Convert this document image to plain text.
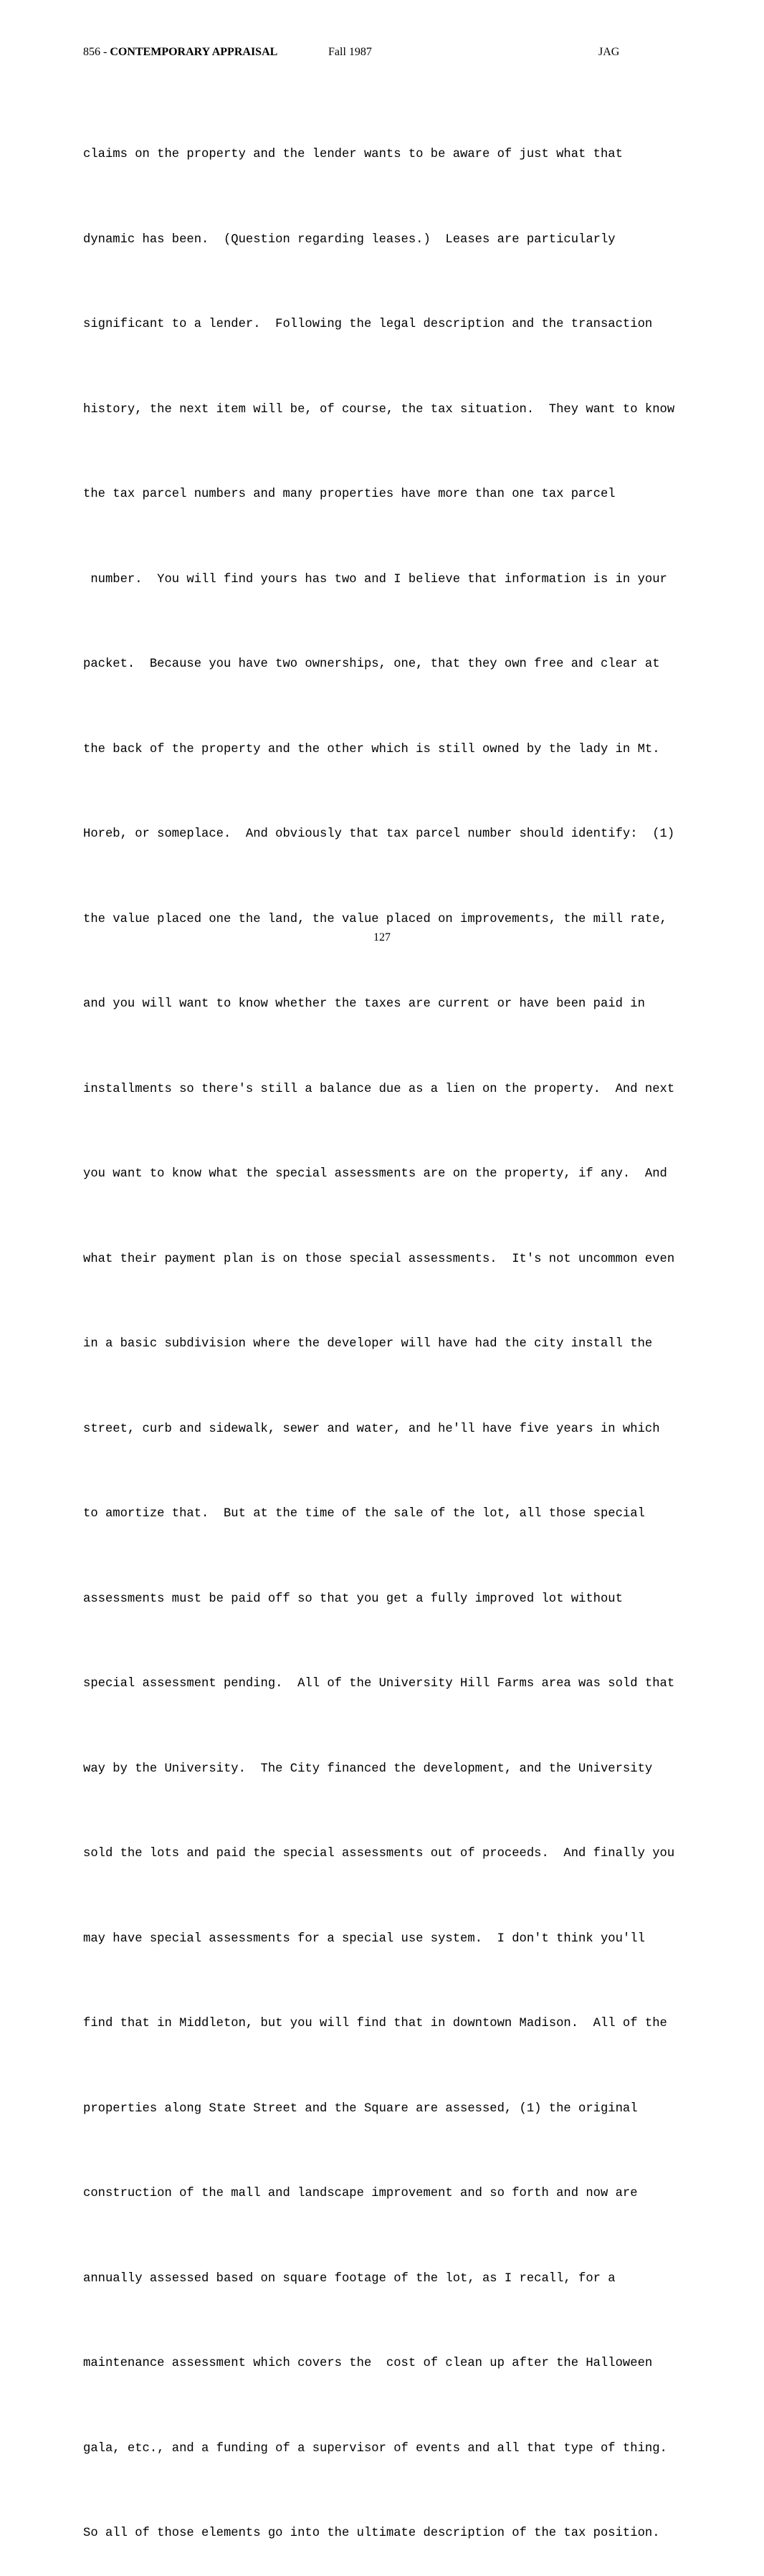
856 - CONTEMPORARY APPRAISAL	Fall 1987	JAG

claims on the property and the lender wants to be aware of just what that

dynamic has been.  (Question regarding leases.)  Leases are particularly

significant to a lender.  Following the legal description and the transaction

history, the next item will be, of course, the tax situation.  They want to know

the tax parcel numbers and many properties have more than one tax parcel

number.  You will find yours has two and I believe that information is in your

packet.  Because you have two ownerships, one, that they own free and clear at

the back of the property and the other which is still owned by the lady in Mt.

Horeb, or someplace.  And obviously that tax parcel number should identify:  (1)

the value placed one the land, the value placed on improvements, the mill rate,

and you will want to know whether the taxes are current or have been paid in

installments so there's still a balance due as a lien on the property.  And next

you want to know what the special assessments are on the property, if any.  And

what their payment plan is on those special assessments.  It's not uncommon even

in a basic subdivision where the developer will have had the city install the

street, curb and sidewalk, sewer and water, and he'll have five years in which

to amortize that.  But at the time of the sale of the lot, all those special

assessments must be paid off so that you get a fully improved lot without

special assessment pending.  All of the University Hill Farms area was sold that

way by the University.  The City financed the development, and the University

sold the lots and paid the special assessments out of proceeds.  And finally you

may have special assessments for a special use system.  I don't think you'll

find that in Middleton, but you will find that in downtown Madison.  All of the

properties along State Street and the Square are assessed, (1) the original

construction of the mall and landscape improvement and so forth and now are

annually assessed based on square footage of the lot, as I recall, for a

maintenance assessment which covers the  cost of clean up after the Halloween

gala, etc., and a funding of a supervisor of events and all that type of thing.

So all of those elements go into the ultimate description of the tax position.

127
